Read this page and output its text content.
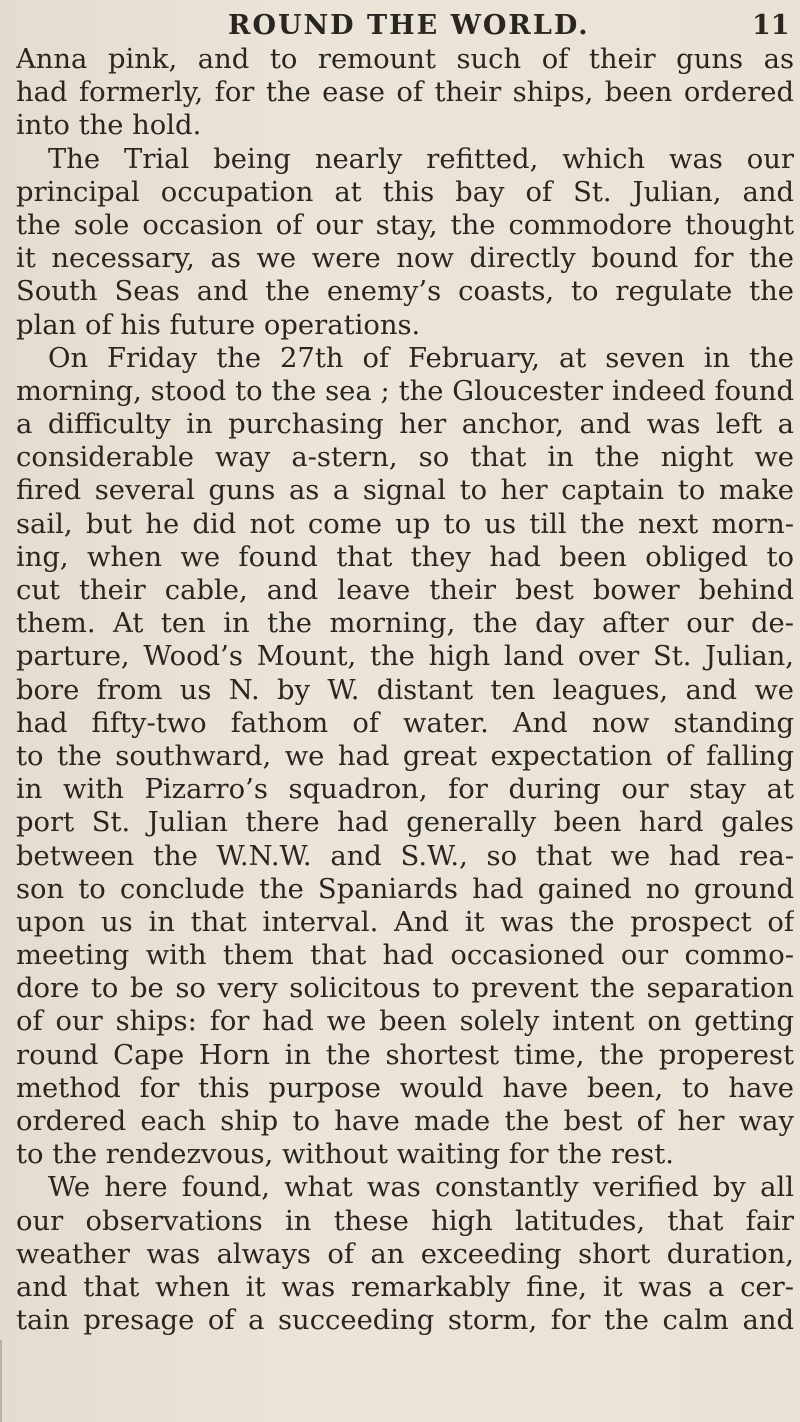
ROUND THE WORLD.	11
Anna pink, and to remount such of their guns as
had formerly, for the ease of their ships, been ordered
into the hold.
The Trial being nearly refitted, which was our
principal occupation at this bay of St. Julian, and
the sole occasion of our stay, the commodore thought
it necessary, as we were now directly bound for the
South Seas and the enemy’s coasts, to regulate the
plan of his future operations.
On Friday the 27th of February, at seven in the
morning, stood to the sea ; the Gloucester indeed found
a difficulty in purchasing her anchor, and was left a
considerable way a-stern, so that in the night we
fired several guns as a signal to her captain to make
sail, but he did not come up to us till the next morn-
ing, when we found that they had been obliged to
cut their cable, and leave their best bower behind
them. At ten in the morning, the day after our de-
parture, Wood’s Mount, the high land over St. Julian,
bore from us N. by W. distant ten leagues, and we
had fifty-two fathom of water. And now standing
to the southward, we had great expectation of falling
in with Pizarro’s squadron, for during our stay at
port St. Julian there had generally been hard gales
between the W.N.W. and S.W., so that we had rea-
son to conclude the Spaniards had gained no ground
upon us in that interval. And it was the prospect of
meeting with them that had occasioned our commo-
dore to be so very solicitous to prevent the separation
of our ships: for had we been solely intent on getting
round Cape Horn in the shortest time, the properest
method for this purpose would have been, to have
ordered each ship to have made the best of her way
to the rendezvous, without waiting for the rest.
We here found, what was constantly verified by all
our observations in these high latitudes, that fair
weather was always of an exceeding short duration,
and that when it was remarkably fine, it was a cer-
tain presage of a succeeding storm, for the calm and
